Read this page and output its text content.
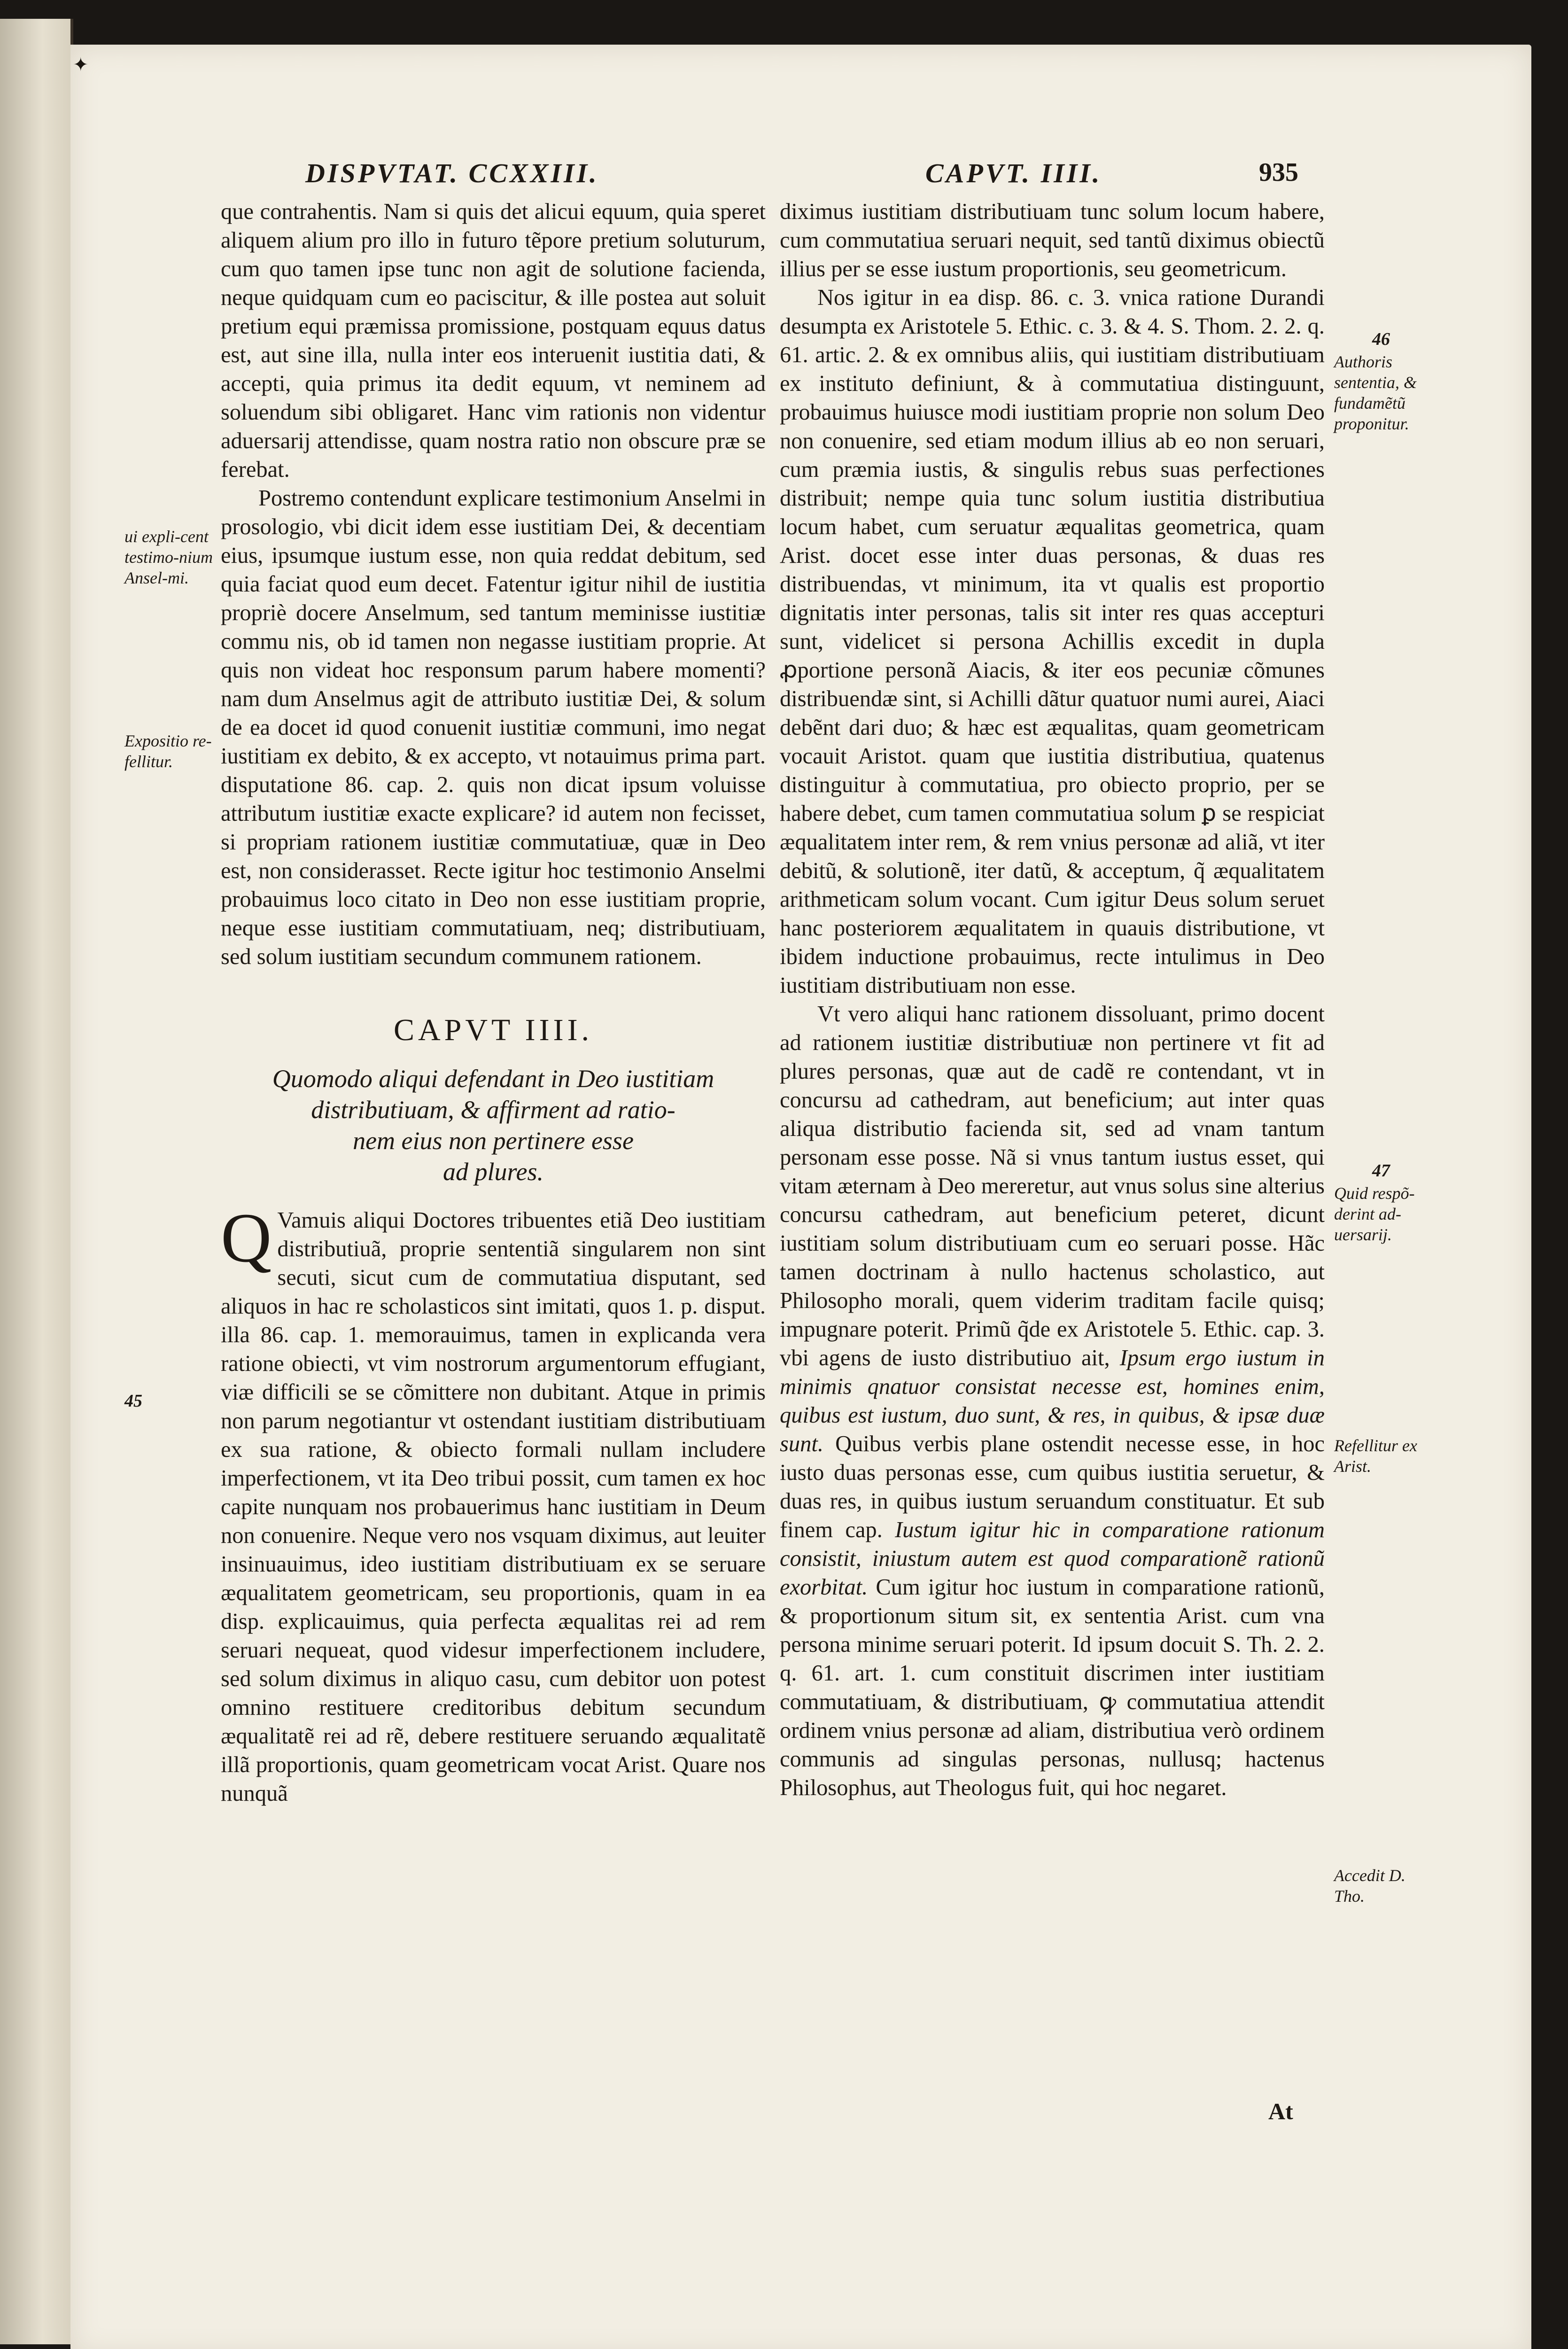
✦
DISPVTAT. CCXXIII.	CAPVT. IIII.	935
ui expli-cent testimo-nium Ansel-mi.
Expositio re-fellitur.
45
46
Authoris sententia, & fundamẽtũ proponitur.
47
Quid respõ-derint ad-uersarij.
Refellitur ex Arist.
Accedit D. Tho.

que contrahentis. Nam si quis det alicui equum, quia speret aliquem alium pro illo in futuro tẽpore pretium soluturum, cum quo tamen ipse tunc non agit de solutione facienda, neque quidquam cum eo paciscitur, & ille postea aut soluit pretium equi præmissa promissione, postquam equus datus est, aut sine illa, nulla inter eos interuenit iustitia dati, & accepti, quia primus ita dedit equum, vt neminem ad soluendum sibi obligaret. Hanc vim rationis non videntur aduersarij attendisse, quam nostra ratio non obscure præ se ferebat.

Postremo contendunt explicare testimonium Anselmi in prosologio, vbi dicit idem esse iustitiam Dei, & decentiam eius, ipsumque iustum esse, non quia reddat debitum, sed quia faciat quod eum decet. Fatentur igitur nihil de iustitia propriè docere Anselmum, sed tantum meminisse iustitiæ commu nis, ob id tamen non negasse iustitiam proprie. At quis non videat hoc responsum parum habere momenti? nam dum Anselmus agit de attributo iustitiæ Dei, & solum de ea docet id quod conuenit iustitiæ communi, imo negat iustitiam ex debito, & ex accepto, vt notauimus prima part. disputatione 86. cap. 2. quis non dicat ipsum voluisse attributum iustitiæ exacte explicare? id autem non fecisset, si propriam rationem iustitiæ commutatiuæ, quæ in Deo est, non considerasset. Recte igitur hoc testimonio Anselmi probauimus loco citato in Deo non esse iustitiam proprie, neque esse iustitiam commutatiuam, neq; distributiuam, sed solum iustitiam secundum communem rationem.

CAPVT IIII.
Quomodo aliqui defendant in Deo iustitiam
distributiuam, & affirment ad ratio-
nem eius non pertinere esse
ad plures.

Q Vamuis aliqui Doctores tribuentes etiã Deo iustitiam distributiuã, proprie sententiã singularem non sint secuti, sicut cum de commutatiua disputant, sed aliquos in hac re scholasticos sint imitati, quos 1. p. disput. illa 86. cap. 1. memorauimus, tamen in explicanda vera ratione obiecti, vt vim nostrorum argumentorum effugiant, viæ difficili se se cõmittere non dubitant. Atque in primis non parum negotiantur vt ostendant iustitiam distributiuam ex sua ratione, & obiecto formali nullam includere imperfectionem, vt ita Deo tribui possit, cum tamen ex hoc capite nunquam nos probauerimus hanc iustitiam in Deum non conuenire. Neque vero nos vsquam diximus, aut leuiter insinuauimus, ideo iustitiam distributiuam ex se seruare æqualitatem geometricam, seu proportionis, quam in ea disp. explicauimus, quia perfecta æqualitas rei ad rem seruari nequeat, quod videsur imperfectionem includere, sed solum diximus in aliquo casu, cum debitor uon potest omnino restituere creditoribus debitum secundum æqualitatẽ rei ad rẽ, debere restituere seruando æqualitatẽ illã proportionis, quam geometricam vocat Arist. Quare nos nunquã

diximus iustitiam distributiuam tunc solum locum habere, cum commutatiua seruari nequit, sed tantũ diximus obiectũ illius per se esse iustum proportionis, seu geometricum.

Nos igitur in ea disp. 86. c. 3. vnica ratione Durandi desumpta ex Aristotele 5. Ethic. c. 3. & 4. S. Thom. 2. 2. q. 61. artic. 2. & ex omnibus aliis, qui iustitiam distributiuam ex instituto definiunt, & à commutatiua distinguunt, probauimus huiusce modi iustitiam proprie non solum Deo non conuenire, sed etiam modum illius ab eo non seruari, cum præmia iustis, & singulis rebus suas perfectiones distribuit; nempe quia tunc solum iustitia distributiua locum habet, cum seruatur æqualitas geometrica, quam Arist. docet esse inter duas personas, & duas res distribuendas, vt minimum, ita vt qualis est proportio dignitatis inter personas, talis sit inter res quas accepturi sunt, videlicet si persona Achillis excedit in dupla ꝓportione personã Aiacis, & iter eos pecuniæ cõmunes distribuendæ sint, si Achilli dãtur quatuor numi aurei, Aiaci debẽnt dari duo; & hæc est æqualitas, quam geometricam vocauit Aristot. quam que iustitia distributiua, quatenus distinguitur à commutatiua, pro obiecto proprio, per se habere debet, cum tamen commutatiua solum ꝑ se respiciat æqualitatem inter rem, & rem vnius personæ ad aliã, vt iter debitũ, & solutionẽ, iter datũ, & acceptum, q̃ æqualitatem arithmeticam solum vocant. Cum igitur Deus solum seruet hanc posteriorem æqualitatem in quauis distributione, vt ibidem inductione probauimus, recte intulimus in Deo iustitiam distributiuam non esse.

Vt vero aliqui hanc rationem dissoluant, primo docent ad rationem iustitiæ distributiuæ non pertinere vt fit ad plures personas, quæ aut de cadẽ re contendant, vt in concursu ad cathedram, aut beneficium; aut inter quas aliqua distributio facienda sit, sed ad vnam tantum personam esse posse. Nã si vnus tantum iustus esset, qui vitam æternam à Deo mereretur, aut vnus solus sine alterius concursu cathedram, aut beneficium peteret, dicunt iustitiam solum distributiuam cum eo seruari posse. Hãc tamen doctrinam à nullo hactenus scholastico, aut Philosopho morali, quem viderim traditam facile quisq; impugnare poterit. Primũ q̃de ex Aristotele 5. Ethic. cap. 3. vbi agens de iusto distributiuo ait, Ipsum ergo iustum in minimis qnatuor consistat necesse est, homines enim, quibus est iustum, duo sunt, & res, in quibus, & ipsæ duæ sunt. Quibus verbis plane ostendit necesse esse, in hoc iusto duas personas esse, cum quibus iustitia seruetur, & duas res, in quibus iustum seruandum constituatur. Et sub finem cap. Iustum igitur hic in comparatione rationum consistit, iniustum autem est quod comparationẽ rationũ exorbitat. Cum igitur hoc iustum in comparatione rationũ, & proportionum situm sit, ex sententia Arist. cum vna persona minime seruari poterit. Id ipsum docuit S. Th. 2. 2. q. 61. art. 1. cum constituit discrimen inter iustitiam commutatiuam, & distributiuam, ꝙ commutatiua attendit ordinem vnius personæ ad aliam, distributiua verò ordinem communis ad singulas personas, nullusq; hactenus Philosophus, aut Theologus fuit, qui hoc negaret.

At
